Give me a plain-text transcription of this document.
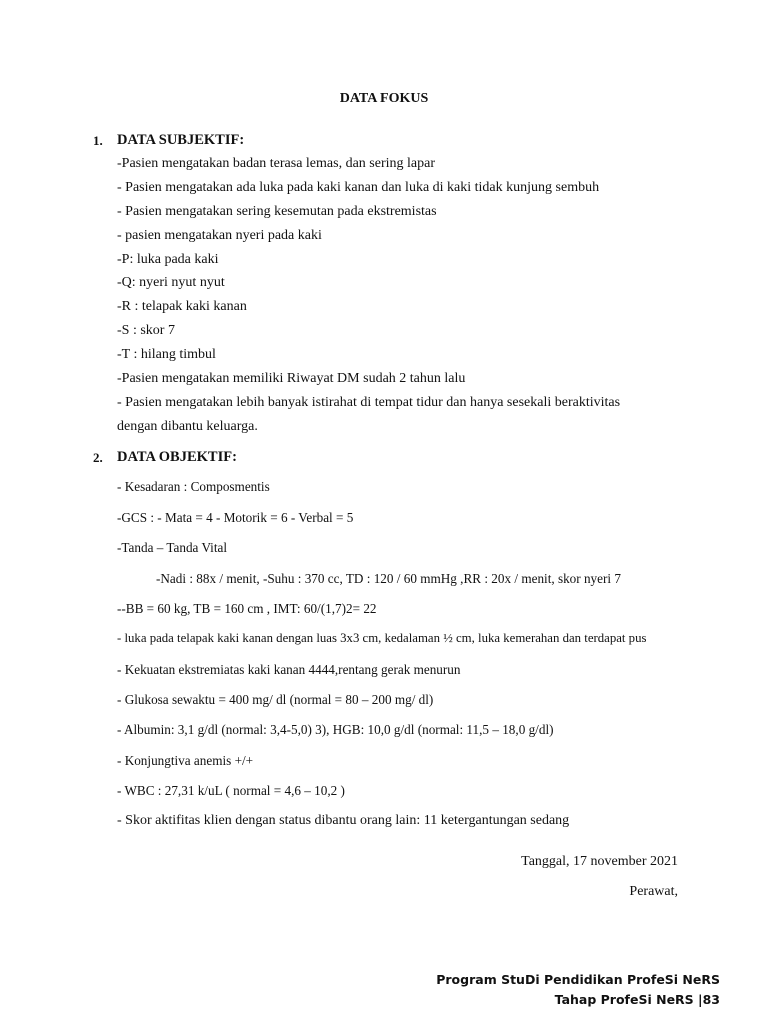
DATA FOKUS
1. DATA SUBJEKTIF:
-Pasien mengatakan badan terasa lemas, dan sering lapar
- Pasien mengatakan ada luka pada kaki kanan dan luka di kaki tidak kunjung sembuh
- Pasien mengatakan sering kesemutan pada ekstremistas
- pasien mengatakan nyeri pada kaki
-P: luka pada kaki
-Q: nyeri nyut nyut
-R : telapak kaki kanan
-S : skor 7
-T : hilang timbul
-Pasien mengatakan memiliki Riwayat DM sudah 2 tahun lalu
- Pasien mengatakan lebih banyak istirahat di tempat tidur dan hanya sesekali beraktivitas
dengan dibantu keluarga.
2. DATA OBJEKTIF:
- Kesadaran : Composmentis
-GCS : - Mata = 4 - Motorik = 6 - Verbal = 5
-Tanda – Tanda Vital
-Nadi : 88x / menit, -Suhu : 370 cc, TD : 120 / 60 mmHg ,RR : 20x / menit, skor nyeri 7
--BB = 60 kg, TB = 160 cm , IMT: 60/(1,7)2= 22
- luka pada telapak kaki kanan dengan luas 3x3 cm, kedalaman ½ cm, luka kemerahan dan terdapat pus
- Kekuatan ekstremiatas kaki kanan 4444,rentang gerak menurun
- Glukosa sewaktu = 400 mg/ dl (normal = 80 – 200 mg/ dl)
- Albumin: 3,1 g/dl (normal: 3,4-5,0) 3), HGB: 10,0 g/dl (normal: 11,5 – 18,0 g/dl)
- Konjungtiva anemis +/+
- WBC : 27,31 k/uL ( normal = 4,6 – 10,2 )
- Skor aktifitas klien dengan status dibantu orang lain: 11 ketergantungan sedang
Tanggal, 17 november 2021
Perawat,
Program StuDi Pendidikan ProfeSi NeRS
Tahap ProfeSi NeRS |83
